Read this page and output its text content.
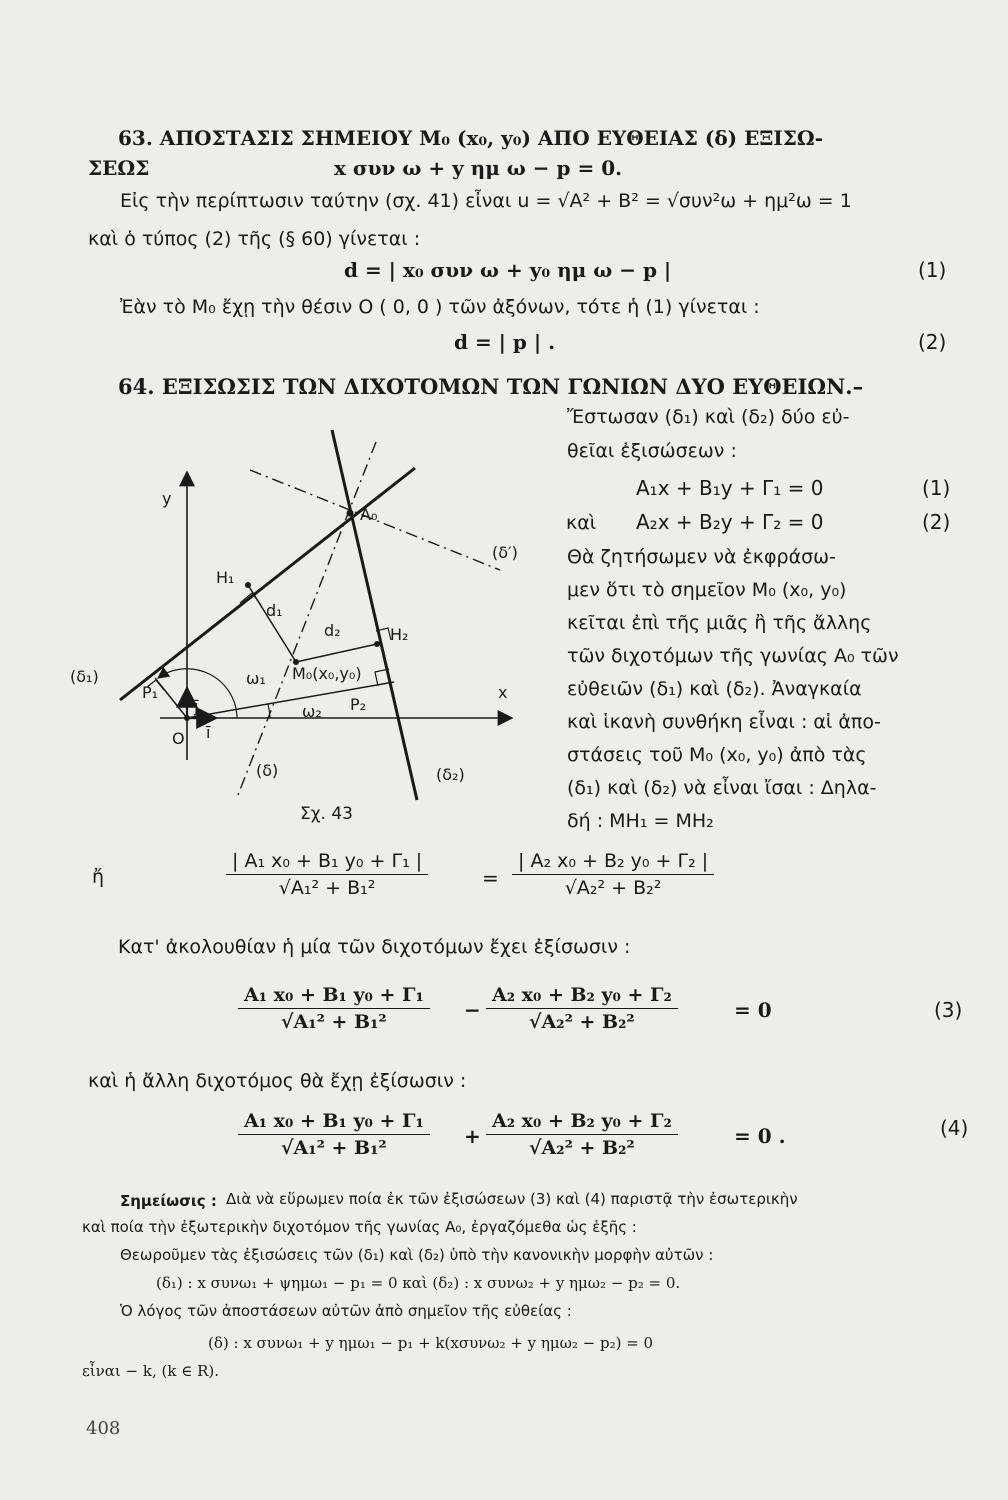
63. ΑΠΟΣΤΑΣΙΣ ΣΗΜΕΙΟΥ M₀ (x₀, y₀) ΑΠΟ ΕΥΘΕΙΑΣ (δ) ΕΞΙΣΩ-
ΣΕΩΣ	x συν ω + y ημ ω − p = 0.
Εἰς τὴν περίπτωσιν ταύτην (σχ. 41) εἶναι u = √A² + B² = √συν²ω + ημ²ω = 1
καὶ ὁ τύπος (2) τῆς (§ 60) γίνεται :
d = | x₀ συν ω + y₀ ημ ω − p |	(1)
Ἐὰν τὸ M₀ ἔχῃ τὴν θέσιν Ο ( 0, 0 ) τῶν ἀξόνων, τότε ἡ (1) γίνεται :
d = | p | .	(2)
64. ΕΞΙΣΩΣΙΣ ΤΩΝ ΔΙΧΟΤΟΜΩΝ ΤΩΝ ΓΩΝΙΩΝ ΔΥΟ ΕΥΘΕΙΩΝ.–
Ἔστωσαν (δ₁) καὶ (δ₂) δύο εὐ-
θεῖαι ἐξισώσεων :
A₁x + B₁y + Γ₁ = 0	(1)
καὶ A₂x + B₂y + Γ₂ = 0	(2)
Θὰ ζητήσωμεν νὰ ἐκφράσω-
μεν ὅτι τὸ σημεῖον M₀ (x₀, y₀)
κεῖται ἐπὶ τῆς μιᾶς ἢ τῆς ἄλλης
τῶν διχοτόμων τῆς γωνίας A₀ τῶν
εὐθειῶν (δ₁) καὶ (δ₂). Ἀναγκαία
καὶ ἱκανὴ συνθήκη εἶναι : αἱ ἀπο-
στάσεις τοῦ M₀ (x₀, y₀) ἀπὸ τὰς
(δ₁) καὶ (δ₂) νὰ εἶναι ἴσαι : Δηλα-
δή : MH₁ = MH₂
y
x
O ī
j̄
A₀
(δ′)
H₁
H₂
d₁
d₂
M₀(x₀,y₀)
ω₁
ω₂
P₁
P₂
(δ₁)
(δ)	(δ₂)
Σχ. 43
ἤ	$\frac{\text{| A₁ x₀ + B₁ y₀ + Γ₁ |}}{\text{√A₁² + B₁²}}$	= $\frac{\text{| A₂ x₀ + B₂ y₀ + Γ₂ |}}{\text{√A₂² + B₂²}}$
Κατ' ἀκολουθίαν ἡ μία τῶν διχοτόμων ἔχει ἐξίσωσιν :
$\frac{\text{A₁ x₀ + B₁ y₀ + Γ₁}}{\text{√A₁² + B₁²}} - \frac{\text{A₂ x₀ + B₂ y₀ + Γ₂}}{\text{√A₂² + B₂²}}$	= 0	(3)
καὶ ἡ ἄλλη διχοτόμος θὰ ἔχῃ ἐξίσωσιν :
$\frac{\text{A₁ x₀ + B₁ y₀ + Γ₁}}{\text{√A₁² + B₁²}} + \frac{\text{A₂ x₀ + B₂ y₀ + Γ₂}}{\text{√A₂² + B₂²}}$	= 0 .	(4)
Σημείωσις : Διὰ νὰ εὕρωμεν ποία ἐκ τῶν ἐξισώσεων (3) καὶ (4) παριστᾷ τὴν ἐσωτερικὴν
καὶ ποία τὴν ἐξωτερικὴν διχοτόμον τῆς γωνίας A₀, ἐργαζόμεθα ὡς ἑξῆς :
Θεωροῦμεν τὰς ἐξισώσεις τῶν (δ₁) καὶ (δ₂) ὑπὸ τὴν κανονικὴν μορφὴν αὐτῶν :
(δ₁) : x συνω₁ + ψημω₁ − p₁ = 0 καὶ (δ₂) : x συνω₂ + y ημω₂ − p₂ = 0.
Ὁ λόγος τῶν ἀποστάσεων αὐτῶν ἀπὸ σημεῖον τῆς εὐθείας :
(δ) : x συνω₁ + y ημω₁ − p₁ + k(xσυνω₂ + y ημω₂ − p₂) = 0
εἶναι − k, (k ∈ R).
408
